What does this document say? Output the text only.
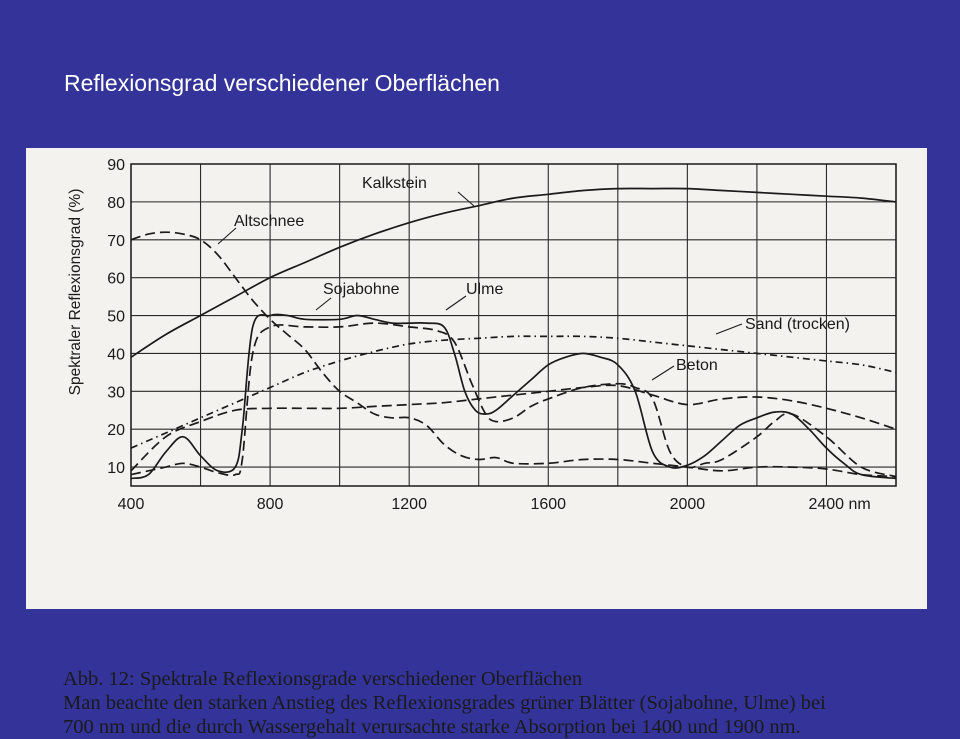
Reflexionsgrad verschiedener Oberflächen
10
20
30
40
50
60
70
80
90
400	800	1200	1600	2000	2400 nm
Kalkstein
Altschnee
Sojabohne	Ulme
Sand (trocken)
Beton
Spektraler Reflexionsgrad (%)
Abb. 12: Spektrale Reflexionsgrade verschiedener Oberflächen
Man beachte den starken Anstieg des Reflexionsgrades grüner Blätter (Sojabohne, Ulme) bei
700 nm und die durch Wassergehalt verursachte starke Absorption bei 1400 und 1900 nm.
